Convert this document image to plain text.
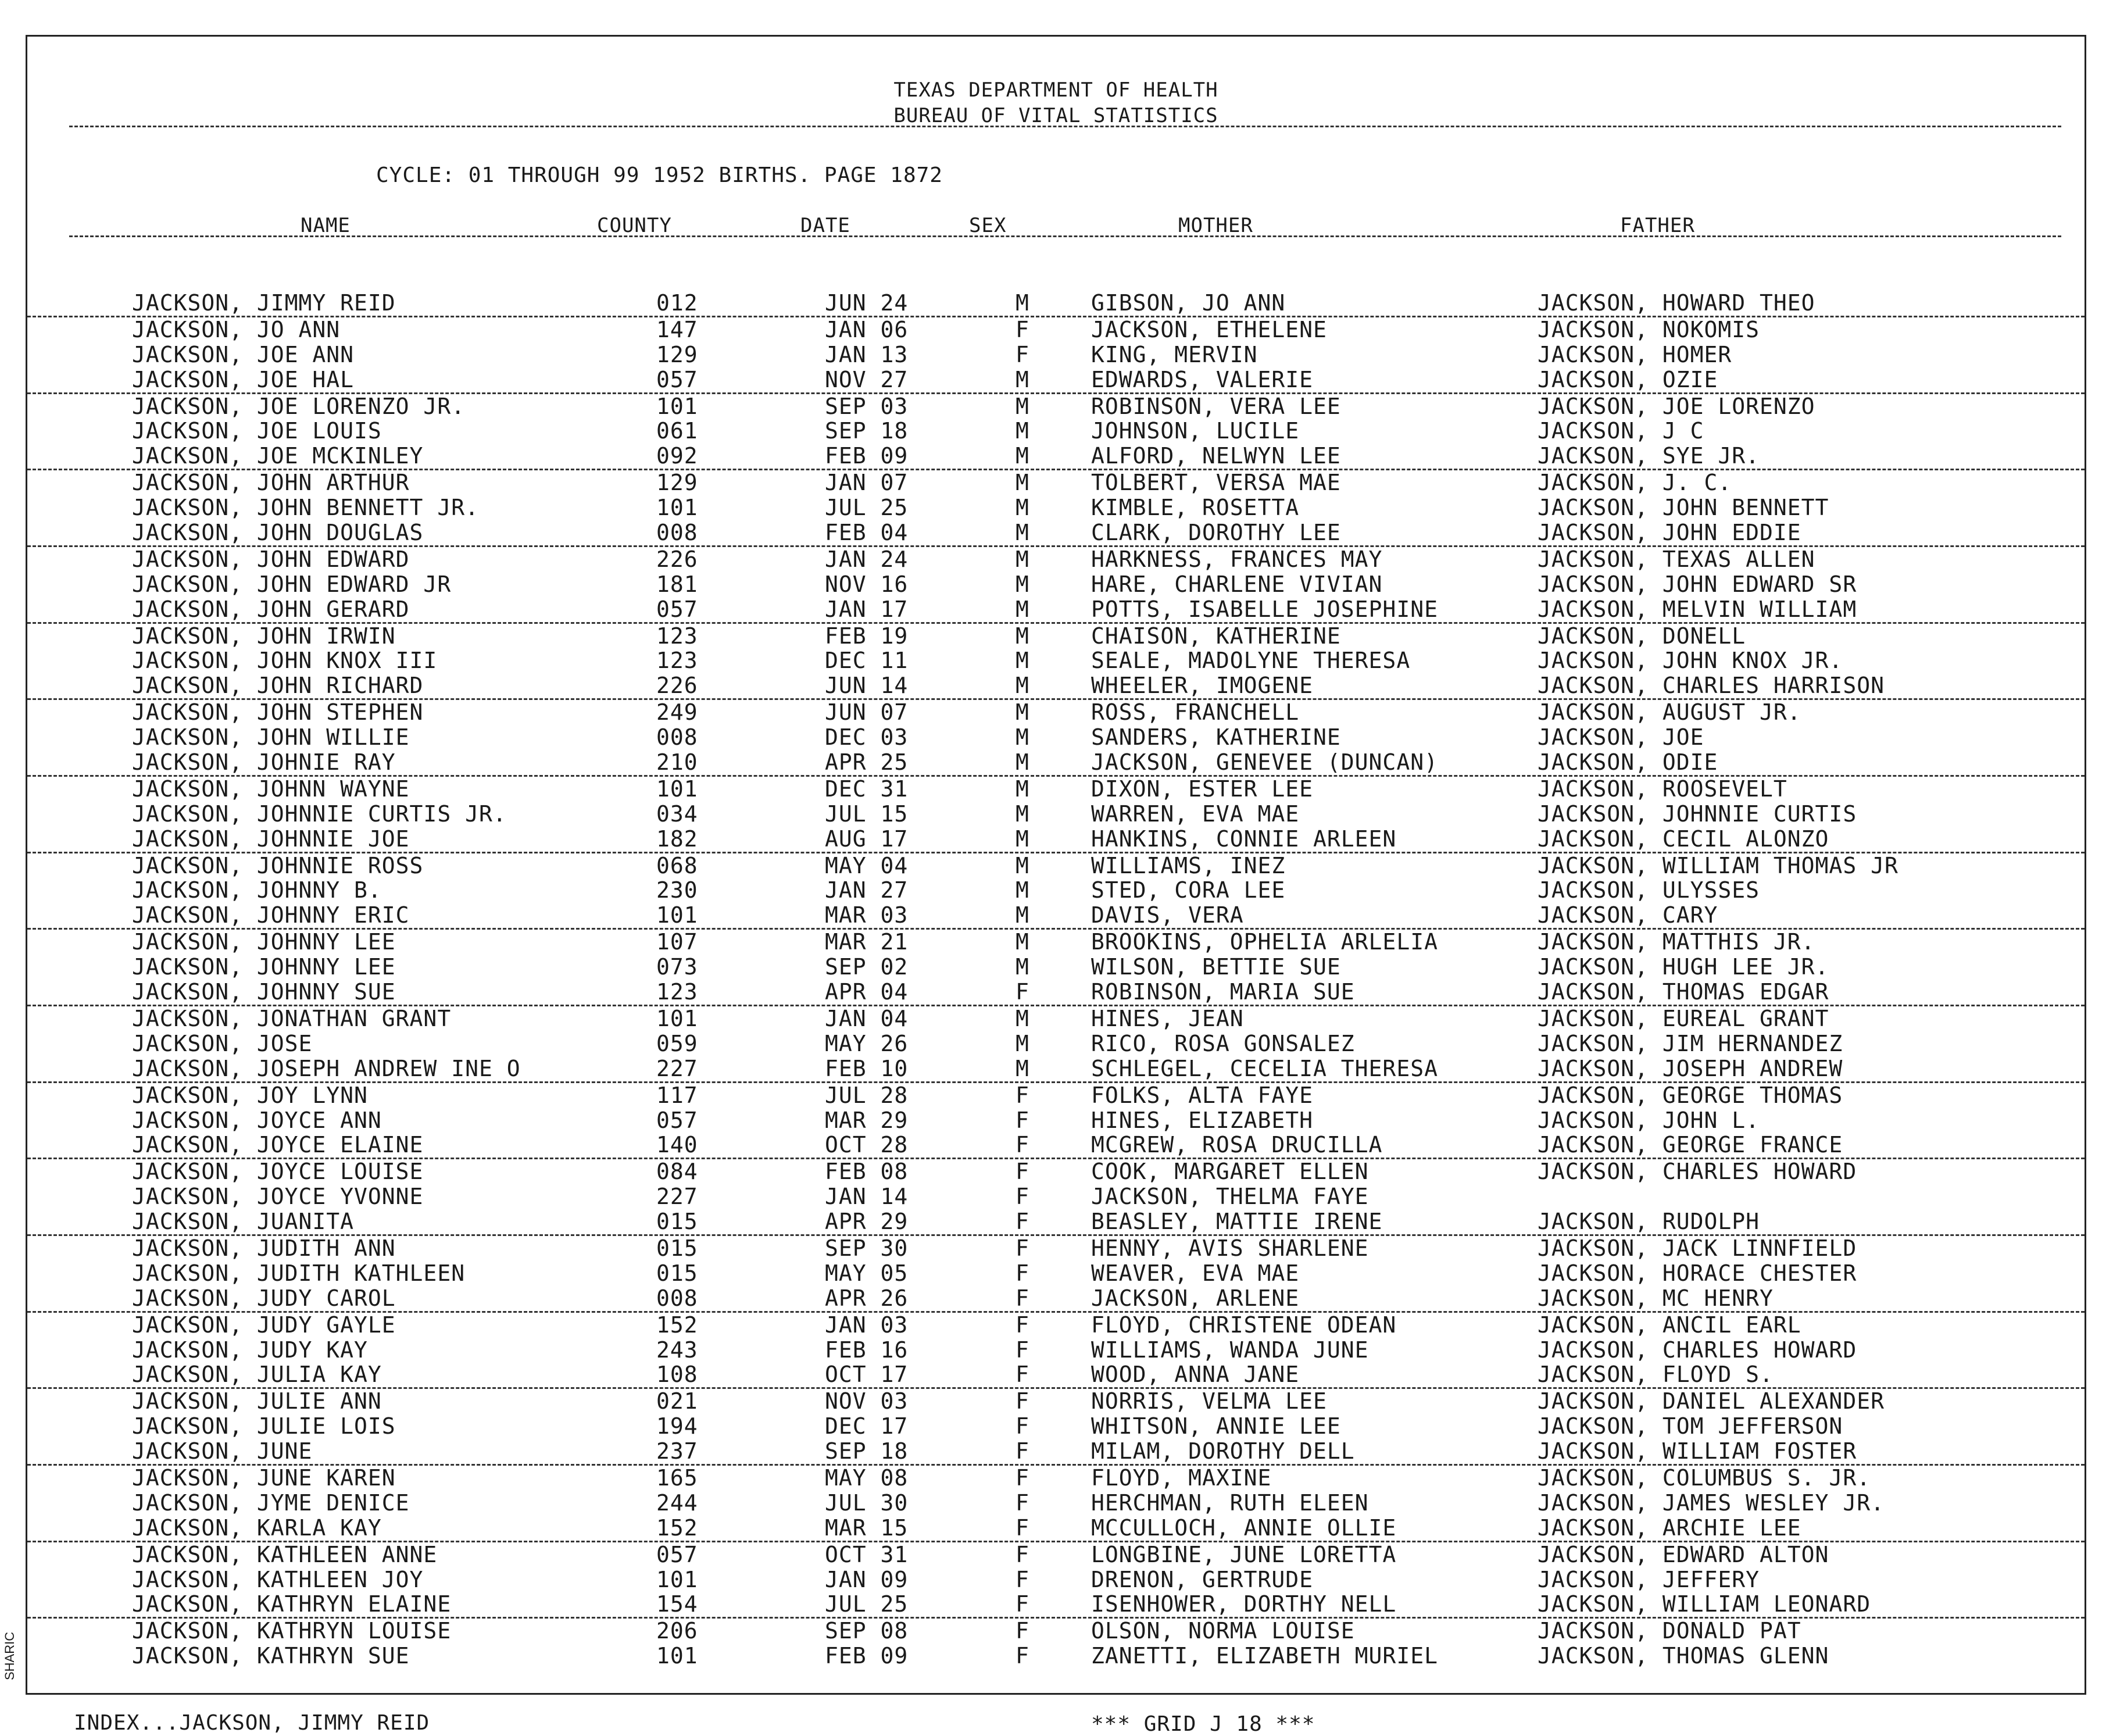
TEXAS DEPARTMENT OF HEALTH
BUREAU OF VITAL STATISTICS
CYCLE: 01 THROUGH 99 1952 BIRTHS. PAGE 1872
NAME	COUNTY	DATE	SEX	MOTHER	FATHER
JACKSON, JIMMY REID	012	JUN 24	M	GIBSON, JO ANN	JACKSON, HOWARD THEO
JACKSON, JO ANN	147	JAN 06	F	JACKSON, ETHELENE	JACKSON, NOKOMIS
JACKSON, JOE ANN	129	JAN 13	F	KING, MERVIN	JACKSON, HOMER
JACKSON, JOE HAL	057	NOV 27	M	EDWARDS, VALERIE	JACKSON, OZIE
JACKSON, JOE LORENZO JR.	101	SEP 03	M	ROBINSON, VERA LEE	JACKSON, JOE LORENZO
JACKSON, JOE LOUIS	061	SEP 18	M	JOHNSON, LUCILE	JACKSON, J C
JACKSON, JOE MCKINLEY	092	FEB 09	M	ALFORD, NELWYN LEE	JACKSON, SYE JR.
JACKSON, JOHN ARTHUR	129	JAN 07	M	TOLBERT, VERSA MAE	JACKSON, J. C.
JACKSON, JOHN BENNETT JR.	101	JUL 25	M	KIMBLE, ROSETTA	JACKSON, JOHN BENNETT
JACKSON, JOHN DOUGLAS	008	FEB 04	M	CLARK, DOROTHY LEE	JACKSON, JOHN EDDIE
JACKSON, JOHN EDWARD	226	JAN 24	M	HARKNESS, FRANCES MAY	JACKSON, TEXAS ALLEN
JACKSON, JOHN EDWARD JR	181	NOV 16	M	HARE, CHARLENE VIVIAN	JACKSON, JOHN EDWARD SR
JACKSON, JOHN GERARD	057	JAN 17	M	POTTS, ISABELLE JOSEPHINE	JACKSON, MELVIN WILLIAM
JACKSON, JOHN IRWIN	123	FEB 19	M	CHAISON, KATHERINE	JACKSON, DONELL
JACKSON, JOHN KNOX III	123	DEC 11	M	SEALE, MADOLYNE THERESA	JACKSON, JOHN KNOX JR.
JACKSON, JOHN RICHARD	226	JUN 14	M	WHEELER, IMOGENE	JACKSON, CHARLES HARRISON
JACKSON, JOHN STEPHEN	249	JUN 07	M	ROSS, FRANCHELL	JACKSON, AUGUST JR.
JACKSON, JOHN WILLIE	008	DEC 03	M	SANDERS, KATHERINE	JACKSON, JOE
JACKSON, JOHNIE RAY	210	APR 25	M	JACKSON, GENEVEE (DUNCAN)	JACKSON, ODIE
JACKSON, JOHNN WAYNE	101	DEC 31	M	DIXON, ESTER LEE	JACKSON, ROOSEVELT
JACKSON, JOHNNIE CURTIS JR.	034	JUL 15	M	WARREN, EVA MAE	JACKSON, JOHNNIE CURTIS
JACKSON, JOHNNIE JOE	182	AUG 17	M	HANKINS, CONNIE ARLEEN	JACKSON, CECIL ALONZO
JACKSON, JOHNNIE ROSS	068	MAY 04	M	WILLIAMS, INEZ	JACKSON, WILLIAM THOMAS JR
JACKSON, JOHNNY B.	230	JAN 27	M	STED, CORA LEE	JACKSON, ULYSSES
JACKSON, JOHNNY ERIC	101	MAR 03	M	DAVIS, VERA	JACKSON, CARY
JACKSON, JOHNNY LEE	107	MAR 21	M	BROOKINS, OPHELIA ARLELIA	JACKSON, MATTHIS JR.
JACKSON, JOHNNY LEE	073	SEP 02	M	WILSON, BETTIE SUE	JACKSON, HUGH LEE JR.
JACKSON, JOHNNY SUE	123	APR 04	F	ROBINSON, MARIA SUE	JACKSON, THOMAS EDGAR
JACKSON, JONATHAN GRANT	101	JAN 04	M	HINES, JEAN	JACKSON, EUREAL GRANT
JACKSON, JOSE	059	MAY 26	M	RICO, ROSA GONSALEZ	JACKSON, JIM HERNANDEZ
JACKSON, JOSEPH ANDREW INE O	227	FEB 10	M	SCHLEGEL, CECELIA THERESA	JACKSON, JOSEPH ANDREW
JACKSON, JOY LYNN	117	JUL 28	F	FOLKS, ALTA FAYE	JACKSON, GEORGE THOMAS
JACKSON, JOYCE ANN	057	MAR 29	F	HINES, ELIZABETH	JACKSON, JOHN L.
JACKSON, JOYCE ELAINE	140	OCT 28	F	MCGREW, ROSA DRUCILLA	JACKSON, GEORGE FRANCE
JACKSON, JOYCE LOUISE	084	FEB 08	F	COOK, MARGARET ELLEN	JACKSON, CHARLES HOWARD
JACKSON, JOYCE YVONNE	227	JAN 14	F	JACKSON, THELMA FAYE
JACKSON, JUANITA	015	APR 29	F	BEASLEY, MATTIE IRENE	JACKSON, RUDOLPH
JACKSON, JUDITH ANN	015	SEP 30	F	HENNY, AVIS SHARLENE	JACKSON, JACK LINNFIELD
JACKSON, JUDITH KATHLEEN	015	MAY 05	F	WEAVER, EVA MAE	JACKSON, HORACE CHESTER
JACKSON, JUDY CAROL	008	APR 26	F	JACKSON, ARLENE	JACKSON, MC HENRY
JACKSON, JUDY GAYLE	152	JAN 03	F	FLOYD, CHRISTENE ODEAN	JACKSON, ANCIL EARL
JACKSON, JUDY KAY	243	FEB 16	F	WILLIAMS, WANDA JUNE	JACKSON, CHARLES HOWARD
JACKSON, JULIA KAY	108	OCT 17	F	WOOD, ANNA JANE	JACKSON, FLOYD S.
JACKSON, JULIE ANN	021	NOV 03	F	NORRIS, VELMA LEE	JACKSON, DANIEL ALEXANDER
JACKSON, JULIE LOIS	194	DEC 17	F	WHITSON, ANNIE LEE	JACKSON, TOM JEFFERSON
JACKSON, JUNE	237	SEP 18	F	MILAM, DOROTHY DELL	JACKSON, WILLIAM FOSTER
JACKSON, JUNE KAREN	165	MAY 08	F	FLOYD, MAXINE	JACKSON, COLUMBUS S. JR.
JACKSON, JYME DENICE	244	JUL 30	F	HERCHMAN, RUTH ELEEN	JACKSON, JAMES WESLEY JR.
JACKSON, KARLA KAY	152	MAR 15	F	MCCULLOCH, ANNIE OLLIE	JACKSON, ARCHIE LEE
JACKSON, KATHLEEN ANNE	057	OCT 31	F	LONGBINE, JUNE LORETTA	JACKSON, EDWARD ALTON
JACKSON, KATHLEEN JOY	101	JAN 09	F	DRENON, GERTRUDE	JACKSON, JEFFERY
JACKSON, KATHRYN ELAINE	154	JUL 25	F	ISENHOWER, DORTHY NELL	JACKSON, WILLIAM LEONARD
JACKSON, KATHRYN LOUISE	206	SEP 08	F	OLSON, NORMA LOUISE	JACKSON, DONALD PAT
JACKSON, KATHRYN SUE	101	FEB 09	F	ZANETTI, ELIZABETH MURIEL	JACKSON, THOMAS GLENN
INDEX...JACKSON, JIMMY REID	*** GRID J 18 ***
SHARIC
